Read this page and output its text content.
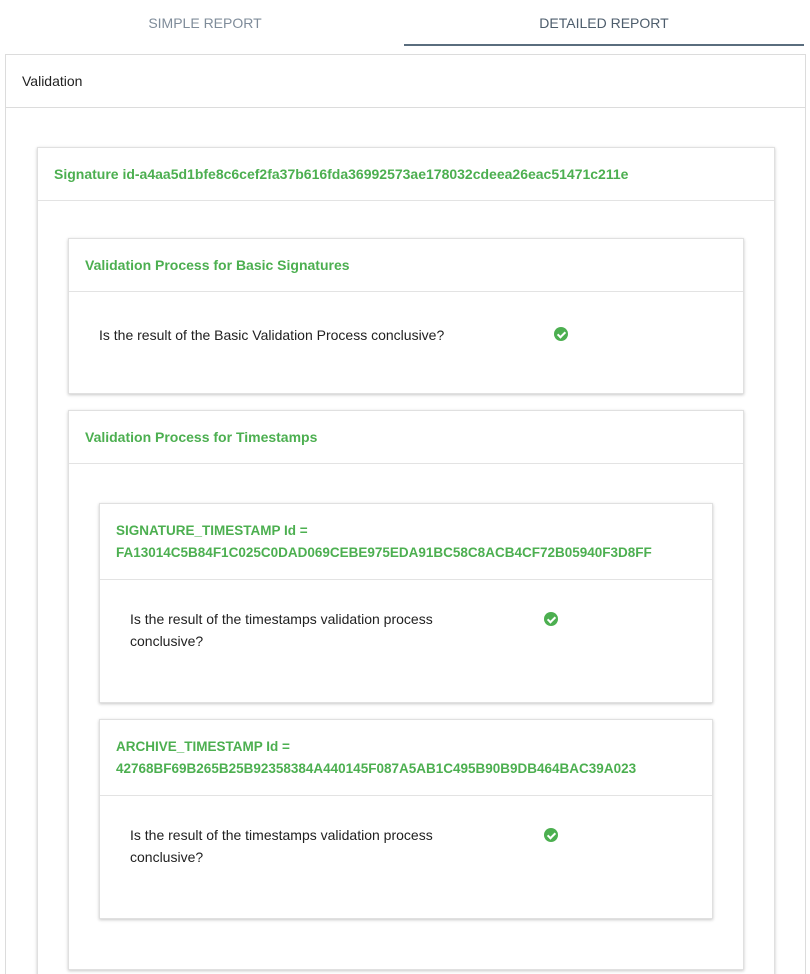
SIMPLE REPORT	DETAILED REPORT
Validation
Signature id-a4aa5d1bfe8c6cef2fa37b616fda36992573ae178032cdeea26eac51471c211e
Validation Process for Basic Signatures
Is the result of the Basic Validation Process conclusive?
Validation Process for Timestamps
SIGNATURE_TIMESTAMP Id =
FA13014C5B84F1C025C0DAD069CEBE975EDA91BC58C8ACB4CF72B05940F3D8FF
Is the result of the timestamps validation process conclusive?
ARCHIVE_TIMESTAMP Id =
42768BF69B265B25B92358384A440145F087A5AB1C495B90B9DB464BAC39A023
Is the result of the timestamps validation process conclusive?
